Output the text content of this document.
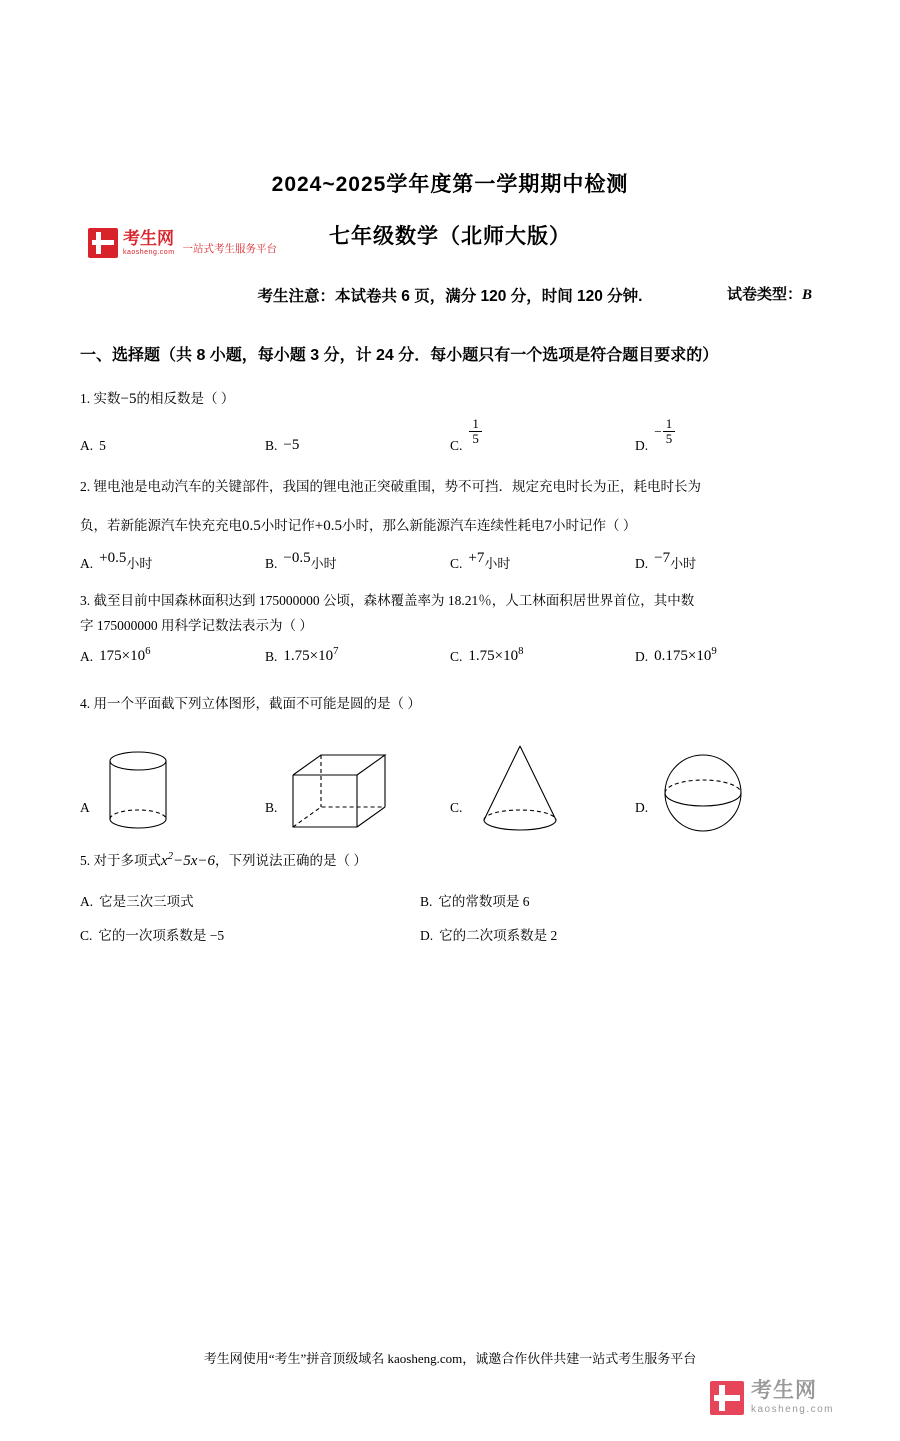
考生网
kaosheng.com 一站式考生服务平台
试卷类型：B
2024~2025学年度第一学期期中检测
七年级数学（北师大版）
考生注意：本试卷共 6 页，满分 120 分，时间 120 分钟.
一、选择题（共 8 小题，每小题 3 分，计 24 分．每小题只有一个选项是符合题目要求的）
1. 实数−5的相反数是（ ）
A. 5	B. −5	C. $\frac{1}{5}$	D.
− $\frac{1}{5}$
2. 锂电池是电动汽车的关键部件，我国的锂电池正突破重围，势不可挡．规定充电时长为正，耗电时长为
负，若新能源汽车快充充电0.5小时记作+0.5小时，那么新能源汽车连续性耗电7小时记作（ ）
A. +0.5 小时	B. −0.5 小时	C. +7 小时	D. −7 小时
3. 截至目前中国森林面积达到 175000000 公顷，森林覆盖率为 18.21％，人工林面积居世界首位，其中数
字 175000000 用科学记数法表示为（ ）
A. $175\times 10^6$	B. $1.75\times 10^7$	C. $1.75\times 10^8$	D. $0.175\times 10^9$
4. 用一个平面截下列立体图形，截面不可能是圆的是（ ）
A	B.	C.	D.
5. 对于多项式$x^2-5x-6$，下列说法正确的是（ ）
A. 它是三次三项式	B. 它的常数项是 6
C. 它的一次项系数是 −5	D. 它的二次项系数是 2
考生网使用“考生”拼音顶级域名 kaosheng.com，诚邀合作伙伴共建一站式考生服务平台
考生网
kaosheng.com
